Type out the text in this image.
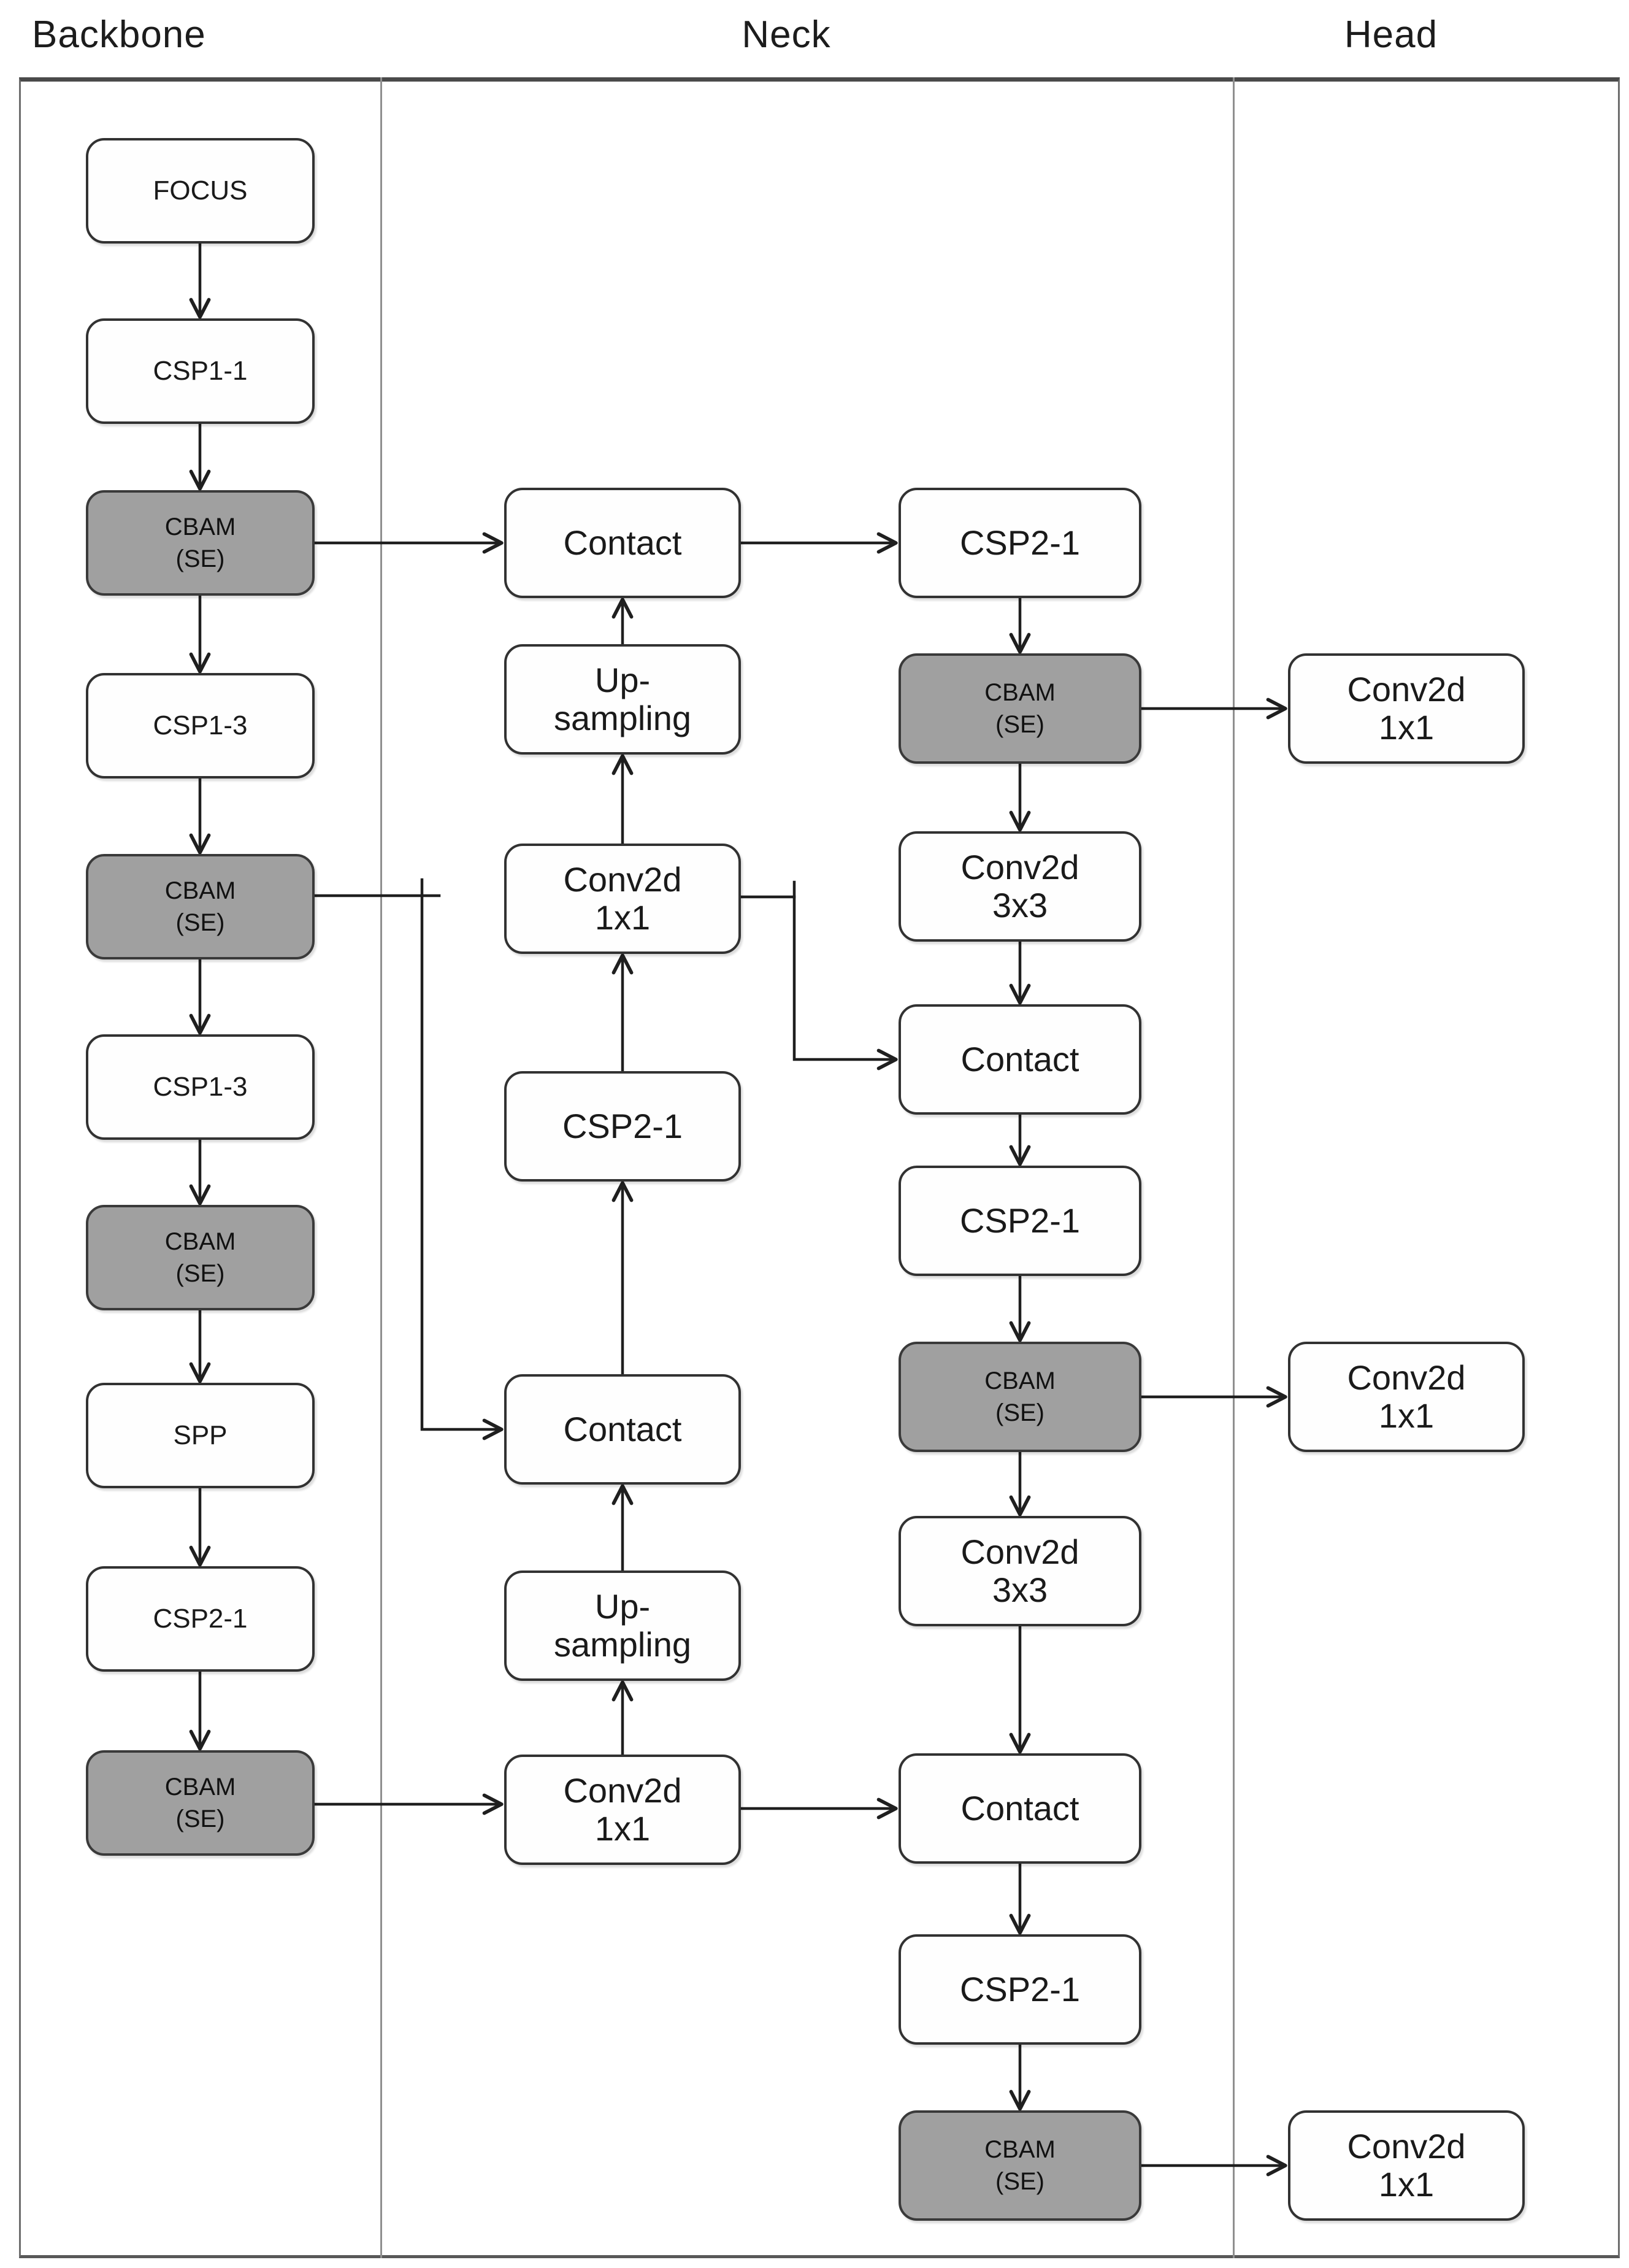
Backbone	Neck	Head
FOCUS
CSP1-1
CBAM
(SE)
CSP1-3
CBAM
(SE)
CSP1-3
CBAM
(SE)
SPP
CSP2-1
CBAM
(SE)
Contact
Up-
sampling
Conv2d
1x1
CSP2-1
Contact
Up-
sampling
Conv2d
1x1
CSP2-1
CBAM
(SE)
Conv2d
3x3
Contact
CSP2-1
CBAM
(SE)
Conv2d
3x3
Contact
CSP2-1
CBAM
(SE)
Conv2d
1x1
Conv2d
1x1
Conv2d
1x1
